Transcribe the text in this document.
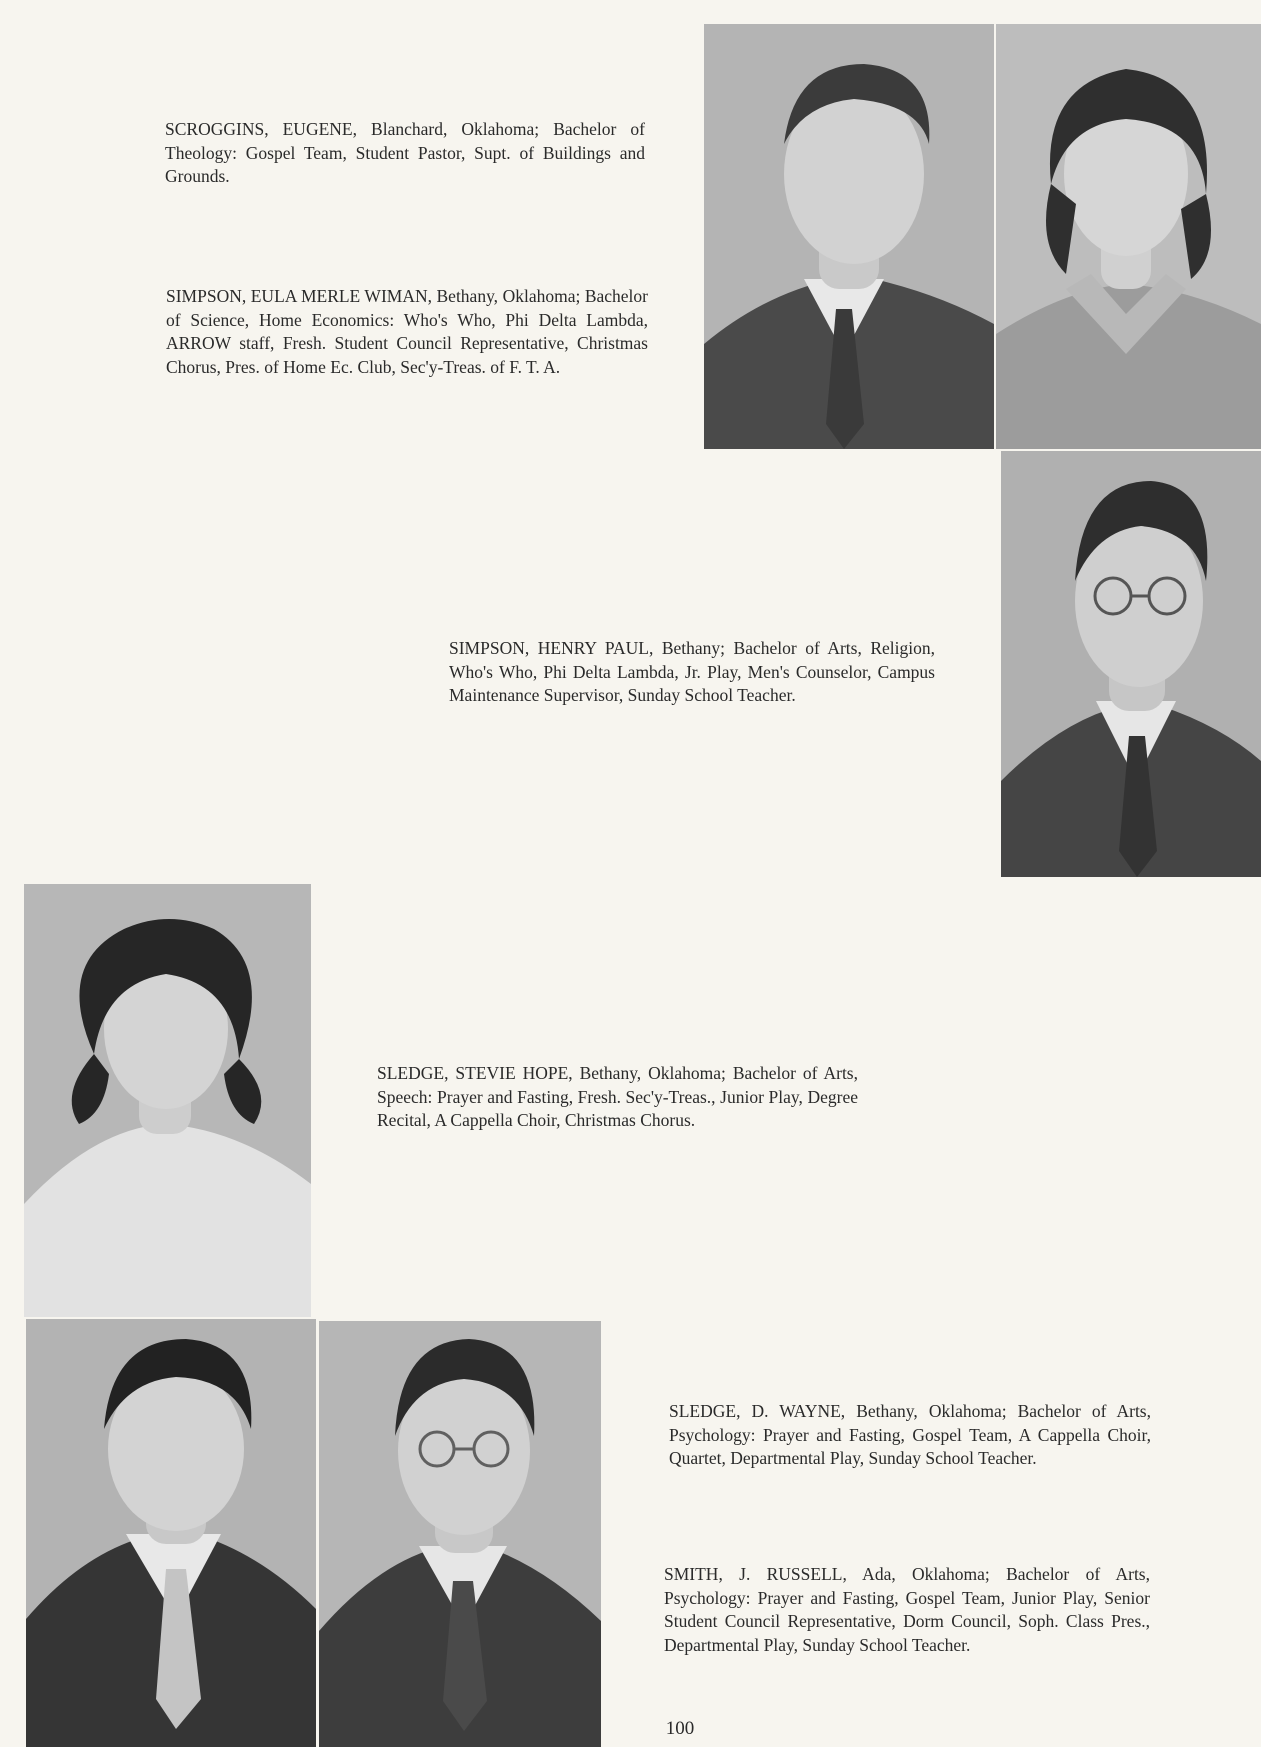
SCROGGINS, EUGENE, Blanchard, Oklahoma; Bachelor of Theology: Gospel Team, Student Pastor, Supt. of Buildings and Grounds.

SIMPSON, EULA MERLE WIMAN, Bethany, Oklahoma; Bachelor of Science, Home Economics: Who's Who, Phi Delta Lambda, ARROW staff, Fresh. Student Council Representative, Christmas Chorus, Pres. of Home Ec. Club, Sec'y-Treas. of F. T. A.

SIMPSON, HENRY PAUL, Bethany; Bachelor of Arts, Religion, Who's Who, Phi Delta Lambda, Jr. Play, Men's Counselor, Campus Maintenance Supervisor, Sunday School Teacher.

SLEDGE, STEVIE HOPE, Bethany, Oklahoma; Bachelor of Arts, Speech: Prayer and Fasting, Fresh. Sec'y-Treas., Junior Play, Degree Recital, A Cappella Choir, Christmas Chorus.

SLEDGE, D. WAYNE, Bethany, Oklahoma; Bachelor of Arts, Psychology: Prayer and Fasting, Gospel Team, A Cappella Choir, Quartet, Departmental Play, Sunday School Teacher.

SMITH, J. RUSSELL, Ada, Oklahoma; Bachelor of Arts, Psychology: Prayer and Fasting, Gospel Team, Junior Play, Senior Student Council Representative, Dorm Council, Soph. Class Pres., Departmental Play, Sunday School Teacher.

100
